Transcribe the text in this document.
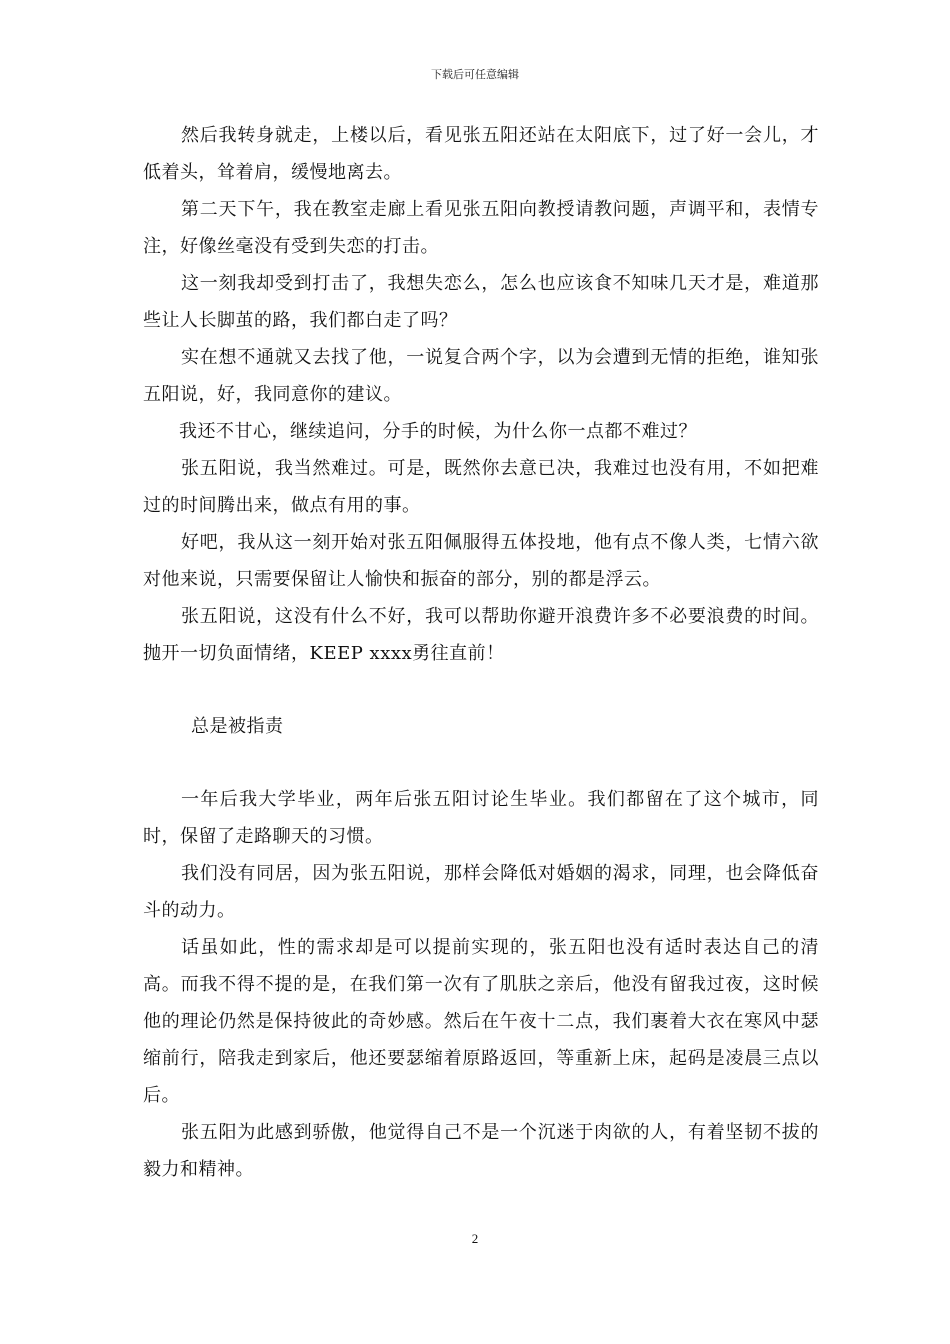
下载后可任意编辑

然后我转身就走，上楼以后，看见张五阳还站在太阳底下，过了好一会儿，才低着头，耸着肩，缓慢地离去。

第二天下午，我在教室走廊上看见张五阳向教授请教问题，声调平和，表情专注，好像丝毫没有受到失恋的打击。

这一刻我却受到打击了，我想失恋么，怎么也应该食不知味几天才是，难道那些让人长脚茧的路，我们都白走了吗？

实在想不通就又去找了他，一说复合两个字，以为会遭到无情的拒绝，谁知张五阳说，好，我同意你的建议。

我还不甘心，继续追问，分手的时候，为什么你一点都不难过？

张五阳说，我当然难过。可是，既然你去意已决，我难过也没有用，不如把难过的时间腾出来，做点有用的事。

好吧，我从这一刻开始对张五阳佩服得五体投地，他有点不像人类，七情六欲对他来说，只需要保留让人愉快和振奋的部分，别的都是浮云。

张五阳说，这没有什么不好，我可以帮助你避开浪费许多不必要浪费的时间。抛开一切负面情绪，KEEP xxxx勇往直前！

总是被指责

一年后我大学毕业，两年后张五阳讨论生毕业。我们都留在了这个城市，同时，保留了走路聊天的习惯。

我们没有同居，因为张五阳说，那样会降低对婚姻的渴求，同理，也会降低奋斗的动力。

话虽如此，性的需求却是可以提前实现的，张五阳也没有适时表达自己的清高。而我不得不提的是，在我们第一次有了肌肤之亲后，他没有留我过夜，这时候他的理论仍然是保持彼此的奇妙感。然后在午夜十二点，我们裹着大衣在寒风中瑟缩前行，陪我走到家后，他还要瑟缩着原路返回，等重新上床，起码是凌晨三点以后。

张五阳为此感到骄傲，他觉得自己不是一个沉迷于肉欲的人，有着坚韧不拔的毅力和精神。

2
